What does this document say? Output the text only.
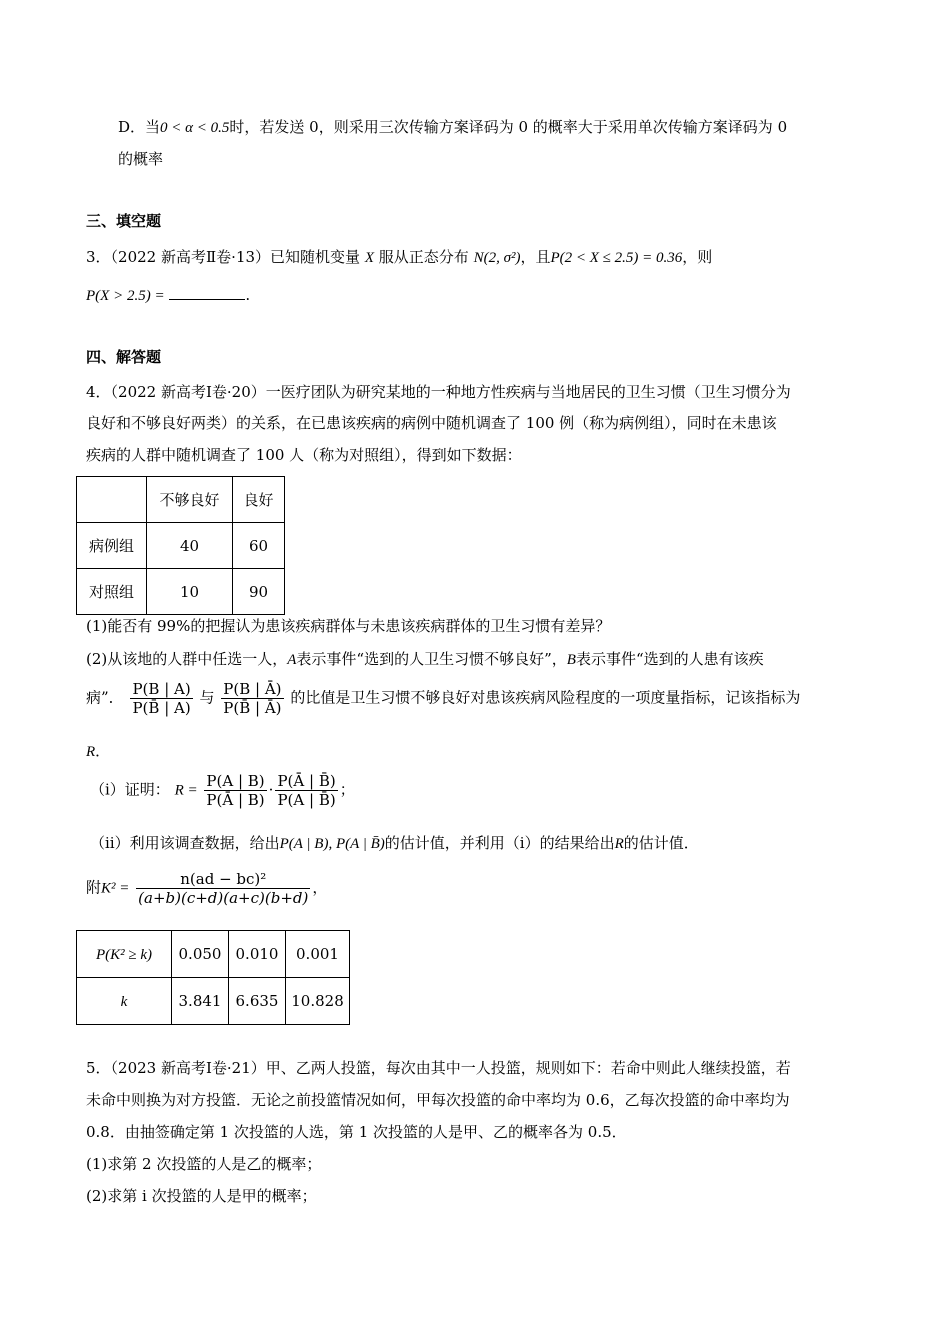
D．当0 < α < 0.5时，若发送 0，则采用三次传输方案译码为 0 的概率大于采用单次传输方案译码为 0
的概率
三、填空题
3．（2022 新高考Ⅱ卷·13）已知随机变量 X 服从正态分布 N(2, σ²)，且P(2 < X ≤ 2.5) = 0.36，则
P(X > 2.5) =	.
四、解答题
4．（2022 新高考Ⅰ卷·20）一医疗团队为研究某地的一种地方性疾病与当地居民的卫生习惯（卫生习惯分为
良好和不够良好两类）的关系，在已患该疾病的病例中随机调查了 100 例（称为病例组），同时在未患该
疾病的人群中随机调查了 100 人（称为对照组），得到如下数据：
	不够良好	良好
病例组	40	60
对照组	10	90
(1)能否有 99%的把握认为患该疾病群体与未患该疾病群体的卫生习惯有差异？
(2)从该地的人群中任选一人，A表示事件“选到的人卫生习惯不够良好”，B表示事件“选到的人患有该疾
病”． $\frac{P(B | A)}{P(B̄ | A)}$ 与 $\frac{P(B | Ā)}{P(B̄ | Ā)}$ 的比值是卫生习惯不够良好对患该疾病风险程度的一项度量指标，记该指标为
R．
（ⅰ）证明： $R = \frac{P(A | B)}{P(Ā | B)} \cdot \frac{P(Ā | B̄)}{P(A | B̄)}$ ；
（ⅱ）利用该调查数据，给出P(A | B), P(A | B̄)的估计值，并利用（ⅰ）的结果给出R的估计值．
附$K^2 = \frac{\text{n(ad − bc)²}}{(a+b)(c+d)(a+c)(b+d)}$ ，
P(K² ≥ k)	0.050	0.010	0.001
k	3.841	6.635	10.828
5．（2023 新高考Ⅰ卷·21）甲、乙两人投篮，每次由其中一人投篮，规则如下：若命中则此人继续投篮，若
未命中则换为对方投篮．无论之前投篮情况如何，甲每次投篮的命中率均为 0.6，乙每次投篮的命中率均为
0.8．由抽签确定第 1 次投篮的人选，第 1 次投篮的人是甲、乙的概率各为 0.5．
(1)求第 2 次投篮的人是乙的概率；
(2)求第 i 次投篮的人是甲的概率；
